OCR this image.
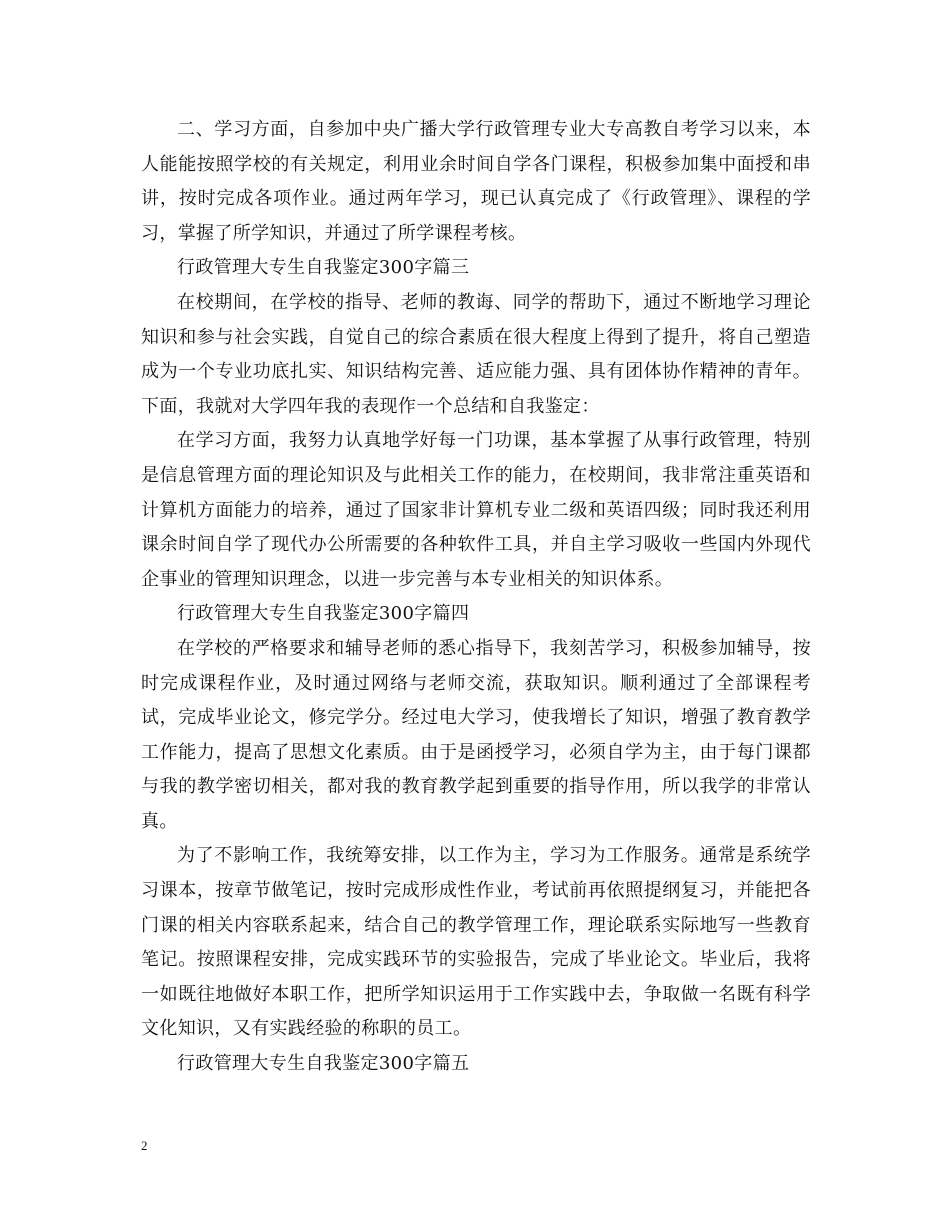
二、学习方面，自参加中央广播大学行政管理专业大专高教自考学习以来，本人能能按照学校的有关规定，利用业余时间自学各门课程，积极参加集中面授和串讲，按时完成各项作业。通过两年学习，现已认真完成了《行政管理》、课程的学习，掌握了所学知识，并通过了所学课程考核。

行政管理大专生自我鉴定300字篇三

在校期间，在学校的指导、老师的教诲、同学的帮助下，通过不断地学习理论知识和参与社会实践，自觉自己的综合素质在很大程度上得到了提升，将自己塑造成为一个专业功底扎实、知识结构完善、适应能力强、具有团体协作精神的青年。下面，我就对大学四年我的表现作一个总结和自我鉴定：

在学习方面，我努力认真地学好每一门功课，基本掌握了从事行政管理，特别是信息管理方面的理论知识及与此相关工作的能力，在校期间，我非常注重英语和计算机方面能力的培养，通过了国家非计算机专业二级和英语四级；同时我还利用课余时间自学了现代办公所需要的各种软件工具，并自主学习吸收一些国内外现代企事业的管理知识理念，以进一步完善与本专业相关的知识体系。

行政管理大专生自我鉴定300字篇四

在学校的严格要求和辅导老师的悉心指导下，我刻苦学习，积极参加辅导，按时完成课程作业，及时通过网络与老师交流，获取知识。顺利通过了全部课程考试，完成毕业论文，修完学分。经过电大学习，使我增长了知识，增强了教育教学工作能力，提高了思想文化素质。由于是函授学习，必须自学为主，由于每门课都与我的教学密切相关，都对我的教育教学起到重要的指导作用，所以我学的非常认真。

为了不影响工作，我统筹安排，以工作为主，学习为工作服务。通常是系统学习课本，按章节做笔记，按时完成形成性作业，考试前再依照提纲复习，并能把各门课的相关内容联系起来，结合自己的教学管理工作，理论联系实际地写一些教育笔记。按照课程安排，完成实践环节的实验报告，完成了毕业论文。毕业后，我将一如既往地做好本职工作，把所学知识运用于工作实践中去，争取做一名既有科学文化知识，又有实践经验的称职的员工。

行政管理大专生自我鉴定300字篇五

2
